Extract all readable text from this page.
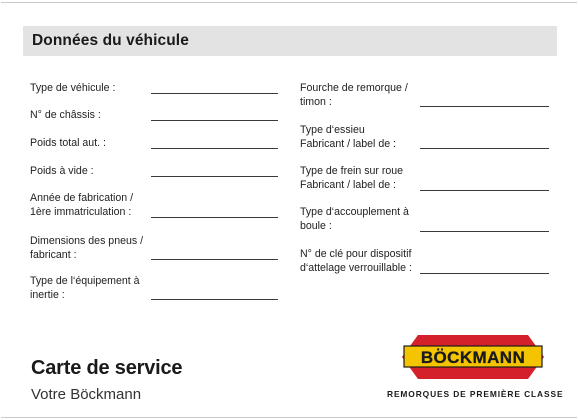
Données du véhicule
Type de véhicule :
N° de châssis :
Poids total aut. :
Poids à vide :
Année de fabrication /
1ère immatriculation :
Dimensions des pneus /
fabricant :
Type de l‘équipement à
inertie :
Fourche de remorque /
timon :
Type d‘essieu
Fabricant / label de :
Type de frein sur roue
Fabricant / label de :
Type d‘accouplement à
boule :
N° de clé pour dispositif
d‘attelage verrouillable :
Carte de service
Votre Böckmann
BÖCKMANN
REMORQUES DE PREMIÈRE CLASSE
